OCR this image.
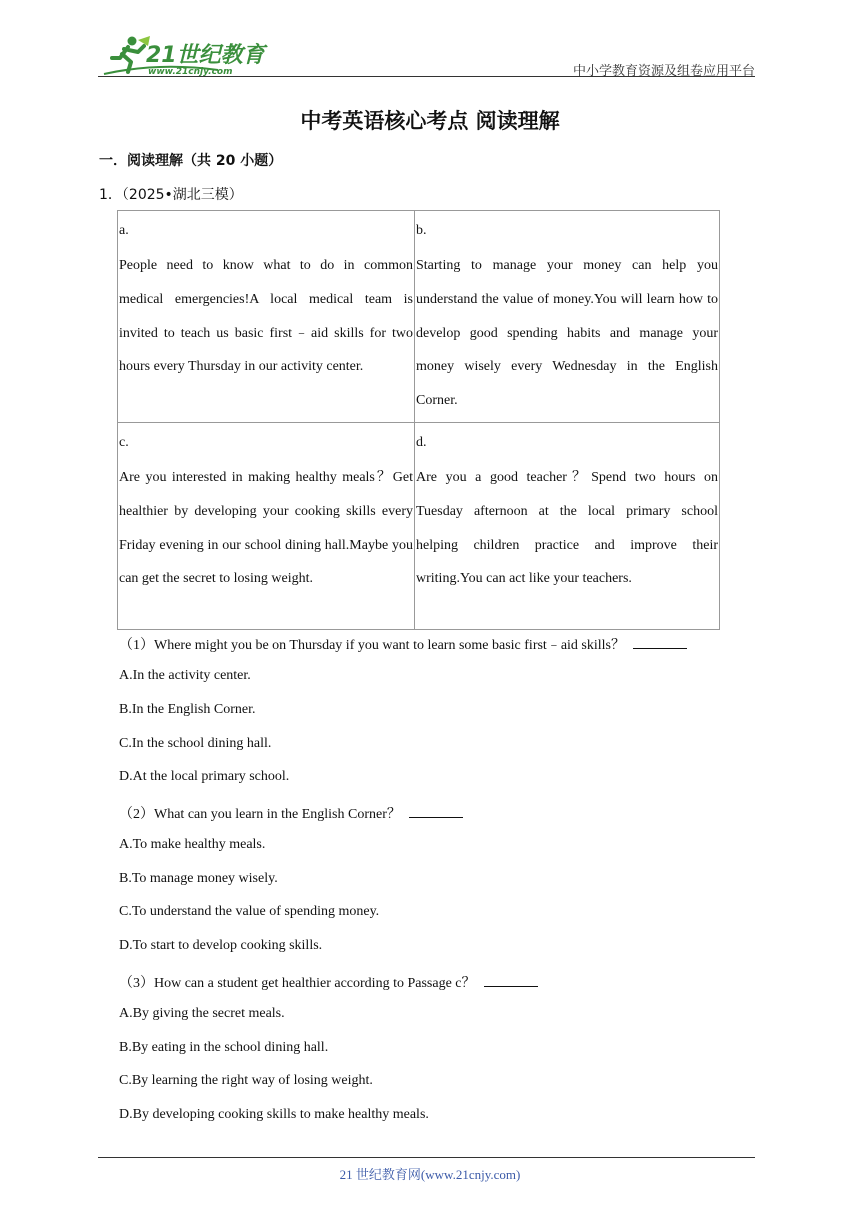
21世纪教育
www.21cnjy.com	中小学教育资源及组卷应用平台
中考英语核心考点 阅读理解
一．阅读理解（共 20 小题）
1．（2025•湖北三模）
a.
People need to know what to do in common medical emergencies!A local medical team is invited to teach us basic first﹣aid skills for two hours every Thursday in our activity center.	b.
Starting to manage your money can help you understand the value of money.You will learn how to develop good spending habits and manage your money wisely every Wednesday in the English Corner.

c.
Are you interested in making healthy meals？Get healthier by developing your cooking skills every Friday evening in our school dining hall.Maybe you can get the secret to losing weight.	d.
Are you a good teacher？Spend two hours on Tuesday afternoon at the local primary school helping children practice and improve their writing.You can act like your teachers.
（1）Where might you be on Thursday if you want to learn some basic first﹣aid skills？
A.In the activity center.
B.In the English Corner.
C.In the school dining hall.
D.At the local primary school.
（2）What can you learn in the English Corner？
A.To make healthy meals.
B.To manage money wisely.
C.To understand the value of spending money.
D.To start to develop cooking skills.
（3）How can a student get healthier according to Passage c？
A.By giving the secret meals.
B.By eating in the school dining hall.
C.By learning the right way of losing weight.
D.By developing cooking skills to make healthy meals.
21 世纪教育网(www.21cnjy.com)
